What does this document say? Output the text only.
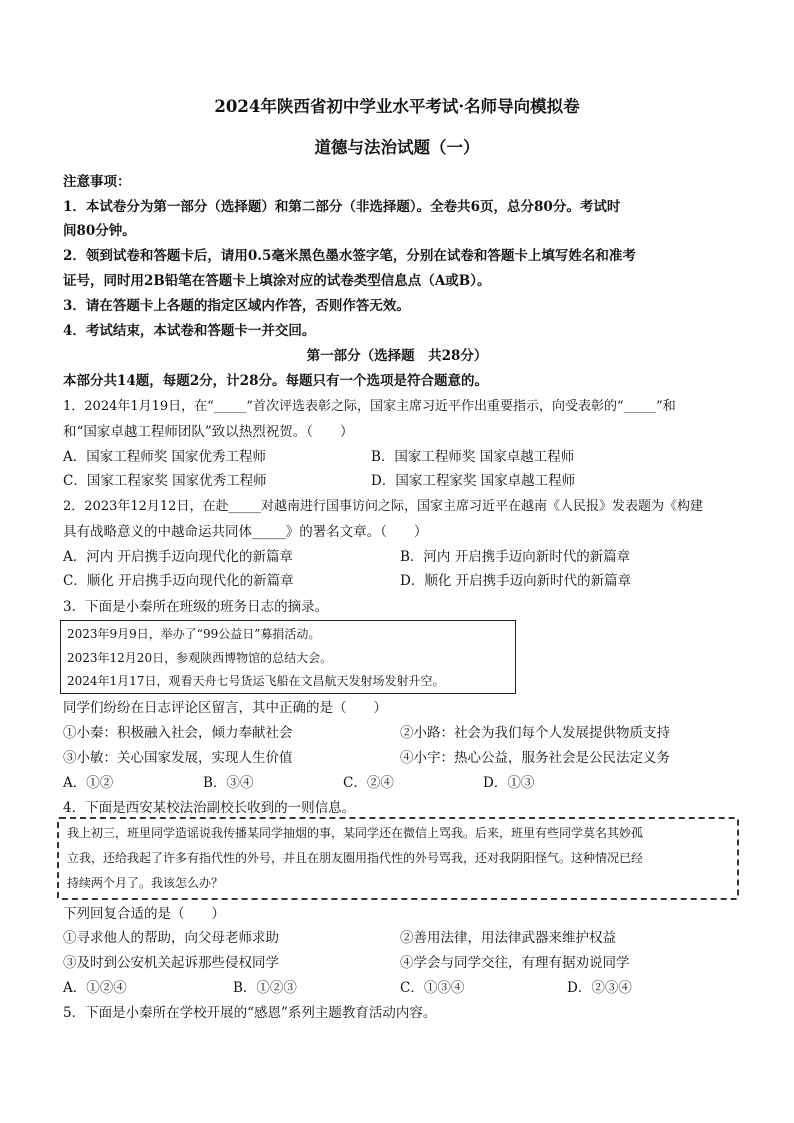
2024年陕西省初中学业水平考试·名师导向模拟卷
道德与法治试题（一）
注意事项：
1．本试卷分为第一部分（选择题）和第二部分（非选择题）。全卷共6页，总分80分。考试时
间80分钟。
2．领到试卷和答题卡后，请用0.5毫米黑色墨水签字笔，分别在试卷和答题卡上填写姓名和准考
证号，同时用2B铅笔在答题卡上填涂对应的试卷类型信息点（A或B）。
3．请在答题卡上各题的指定区域内作答，否则作答无效。
4．考试结束，本试卷和答题卡一并交回。
第一部分（选择题　共28分）
本部分共14题，每题2分，计28分。每题只有一个选项是符合题意的。
1．2024年1月19日，在“_____”首次评选表彰之际，国家主席习近平作出重要指示，向受表彰的“_____”和
和“国家卓越工程师团队”致以热烈祝贺。（　　）
A．国家工程师奖 国家优秀工程师	B．国家工程师奖 国家卓越工程师
C．国家工程家奖 国家优秀工程师	D．国家工程家奖 国家卓越工程师
2．2023年12月12日，在赴_____对越南进行国事访问之际，国家主席习近平在越南《人民报》发表题为《构建
具有战略意义的中越命运共同体_____》的署名文章。（　　）
A．河内 开启携手迈向现代化的新篇章	B．河内 开启携手迈向新时代的新篇章
C．顺化 开启携手迈向现代化的新篇章	D．顺化 开启携手迈向新时代的新篇章
3．下面是小秦所在班级的班务日志的摘录。
2023年9月9日，举办了“99公益日”募捐活动。
2023年12月20日，参观陕西博物馆的总结大会。
2024年1月17日，观看天舟七号货运飞船在文昌航天发射场发射升空。
同学们纷纷在日志评论区留言，其中正确的是（　　）
①小秦：积极融入社会，倾力奉献社会	②小路：社会为我们每个人发展提供物质支持
③小敏：关心国家发展，实现人生价值	④小宇：热心公益，服务社会是公民法定义务
A．①②	B．③④	C．②④	D．①③
4．下面是西安某校法治副校长收到的一则信息。
我上初三，班里同学造谣说我传播某同学抽烟的事，某同学还在微信上骂我。后来，班里有些同学莫名其妙孤
立我，还给我起了许多有指代性的外号，并且在朋友圈用指代性的外号骂我，还对我阴阳怪气。这种情况已经
持续两个月了。我该怎么办？
下列回复合适的是（　　）
①寻求他人的帮助，向父母老师求助	②善用法律，用法律武器来维护权益
③及时到公安机关起诉那些侵权同学	④学会与同学交往，有理有据劝说同学
A．①②④	B．①②③	C．①③④	D．②③④
5．下面是小秦所在学校开展的“感恩”系列主题教育活动内容。
